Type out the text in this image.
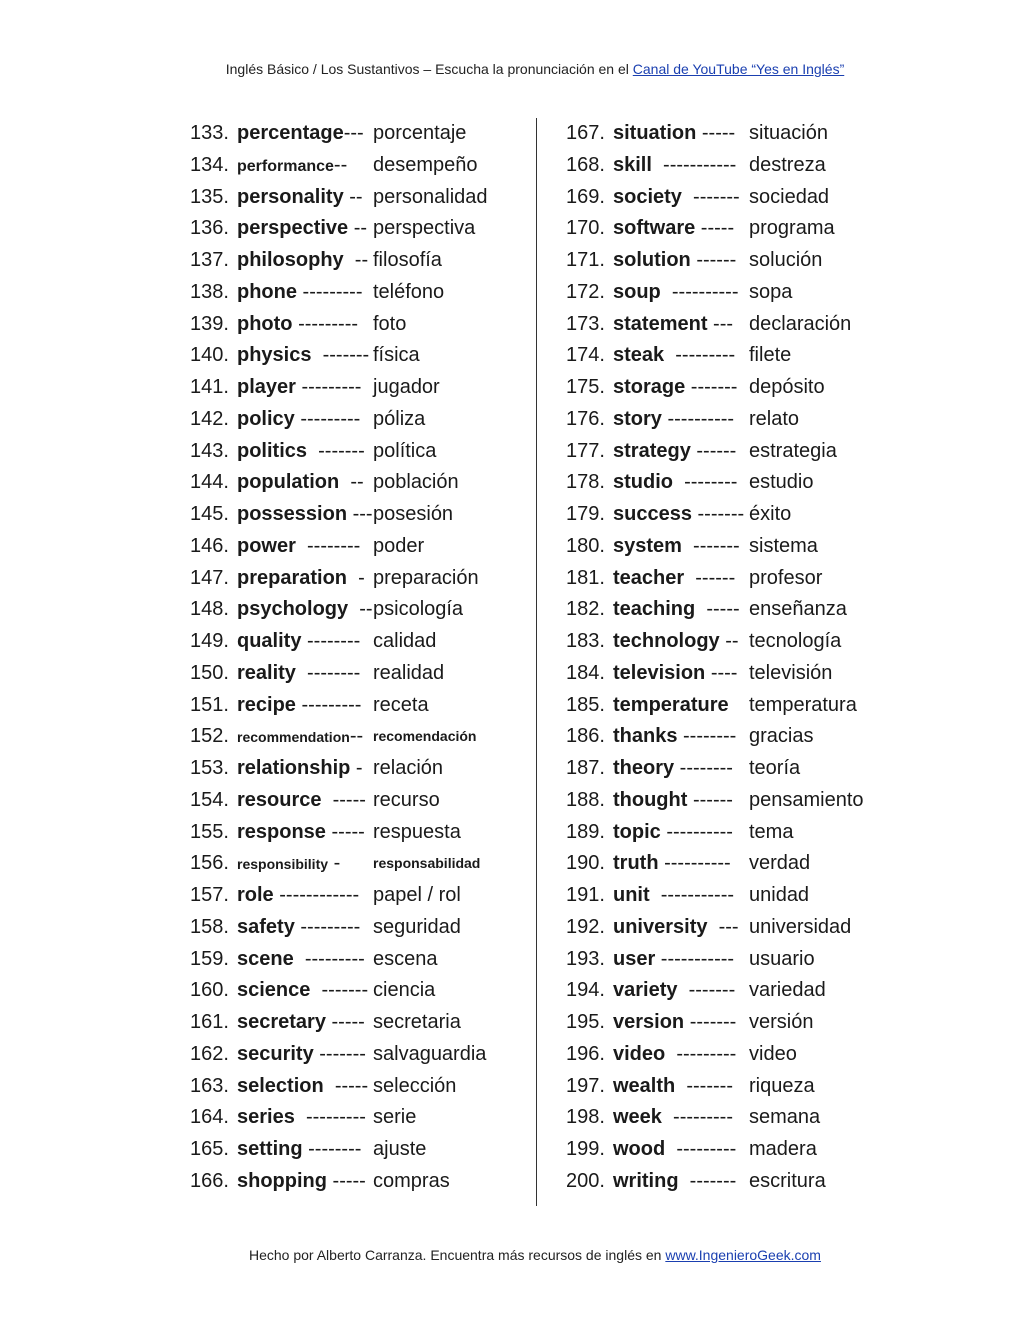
Inglés Básico / Los Sustantivos – Escucha la pronunciación en el Canal de YouTube “Yes en Inglés”
133. percentage--- porcentaje
134. performance-- desempeño
135. personality -- personalidad
136. perspective -- perspectiva
137. philosophy  -- filosofía
138. phone --------- teléfono
139. photo --------- foto
140. physics  ------- física
141. player --------- jugador
142. policy --------- póliza
143. politics  ------- política
144. population  -- población
145. possession --- posesión
146. power  -------- poder
147. preparation  - preparación
148. psychology  -- psicología
149. quality -------- calidad
150. reality  -------- realidad
151. recipe --------- receta
152. recommendation-- recomendación
153. relationship - relación
154. resource  ----- recurso
155. response ----- respuesta
156. responsibility - responsabilidad
157. role ------------ papel / rol
158. safety --------- seguridad
159. scene  --------- escena
160. science  ------- ciencia
161. secretary ----- secretaria
162. security ------- salvaguardia
163. selection  ----- selección
164. series  --------- serie
165. setting -------- ajuste
166. shopping ----- compras
167. situation ----- situación
168. skill  ----------- destreza
169. society  ------- sociedad
170. software ----- programa
171. solution ------ solución
172. soup  ---------- sopa
173. statement --- declaración
174. steak  --------- filete
175. storage ------- depósito
176. story ---------- relato
177. strategy ------ estrategia
178. studio  -------- estudio
179. success ------- éxito
180. system  ------- sistema
181. teacher  ------ profesor
182. teaching  ----- enseñanza
183. technology -- tecnología
184. television ---- televisión
185. temperature temperatura
186. thanks -------- gracias
187. theory -------- teoría
188. thought ------ pensamiento
189. topic ---------- tema
190. truth ---------- verdad
191. unit  ----------- unidad
192. university  --- universidad
193. user ----------- usuario
194. variety  ------- variedad
195. version ------- versión
196. video  --------- video
197. wealth  ------- riqueza
198. week  --------- semana
199. wood  --------- madera
200. writing  ------- escritura
Hecho por Alberto Carranza. Encuentra más recursos de inglés en www.IngenieroGeek.com
